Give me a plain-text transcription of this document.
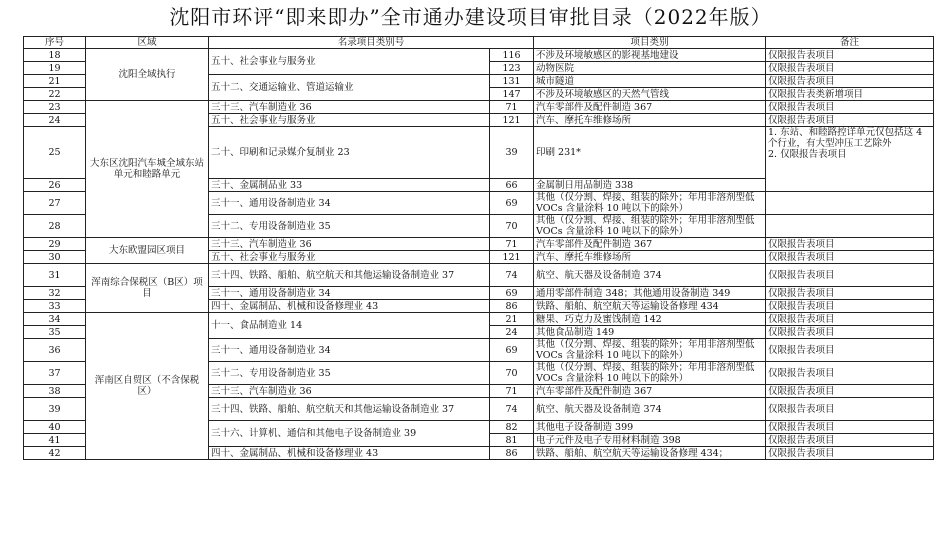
沈阳市环评“即来即办”全市通办建设项目审批目录（2022年版）
序号	区域	名录项目类别号		项目类别	备注
18	沈阳全域执行	五十、社会事业与服务业	116	不涉及环境敏感区的影视基地建设	仅限报告表项目
19			123	动物医院	仅限报告表项目
21		五十二、交通运输业、管道运输业	131	城市隧道	仅限报告表项目
22			147	不涉及环境敏感区的天然气管线	仅限报告表类新增项目
23	大东区沈阳汽车城全域东站单元和睦路单元	三十三、汽车制造业 36	71	汽车零部件及配件制造 367	仅限报告表项目
24		五十、社会事业与服务业	121	汽车、摩托车维修场所	仅限报告表项目
25		二十、印刷和记录媒介复制业 23	39	印刷 231*	1. 东站、和睦路控详单元仅包括这 4 个行业，有大型冲压工艺除外
2. 仅限报告表项目
26		三十、金属制品业 33	66	金属制日用品制造 338	
27		三十一、通用设备制造业 34	69	其他（仅分割、焊接、组装的除外；年用非溶剂型低 VOCs 含量涂料 10 吨以下的除外）	
28		三十二、专用设备制造业 35	70	其他（仅分割、焊接、组装的除外；年用非溶剂型低 VOCs 含量涂料 10 吨以下的除外）	
29	大东欧盟园区项目	三十三、汽车制造业 36	71	汽车零部件及配件制造 367	仅限报告表项目
30		五十、社会事业与服务业	121	汽车、摩托车维修场所	仅限报告表项目
31	浑南综合保税区（B区）项目	三十四、铁路、船舶、航空航天和其他运输设备制造业 37	74	航空、航天器及设备制造 374	仅限报告表项目
32		三十一、通用设备制造业 34	69	通用零部件制造 348；其他通用设备制造 349	仅限报告表项目
33		四十、金属制品、机械和设备修理业 43	86	铁路、船舶、航空航天等运输设备修理 434	仅限报告表项目
34	浑南区自贸区（不含保税区）	十一、食品制造业 14	21	糖果、巧克力及蜜饯制造 142	仅限报告表项目
35			24	其他食品制造 149	仅限报告表项目
36		三十一、通用设备制造业 34	69	其他（仅分割、焊接、组装的除外；年用非溶剂型低 VOCs 含量涂料 10 吨以下的除外）	仅限报告表项目
37		三十二、专用设备制造业 35	70	其他（仅分割、焊接、组装的除外；年用非溶剂型低 VOCs 含量涂料 10 吨以下的除外）	仅限报告表项目
38		三十三、汽车制造业 36	71	汽车零部件及配件制造 367	仅限报告表项目
39		三十四、铁路、船舶、航空航天和其他运输设备制造业 37	74	航空、航天器及设备制造 374	仅限报告表项目
40		三十六、计算机、通信和其他电子设备制造业 39	82	其他电子设备制造 399	仅限报告表项目
41			81	电子元件及电子专用材料制造 398	仅限报告表项目
42		四十、金属制品、机械和设备修理业 43	86	铁路、船舶、航空航天等运输设备修理 434；	仅限报告表项目
